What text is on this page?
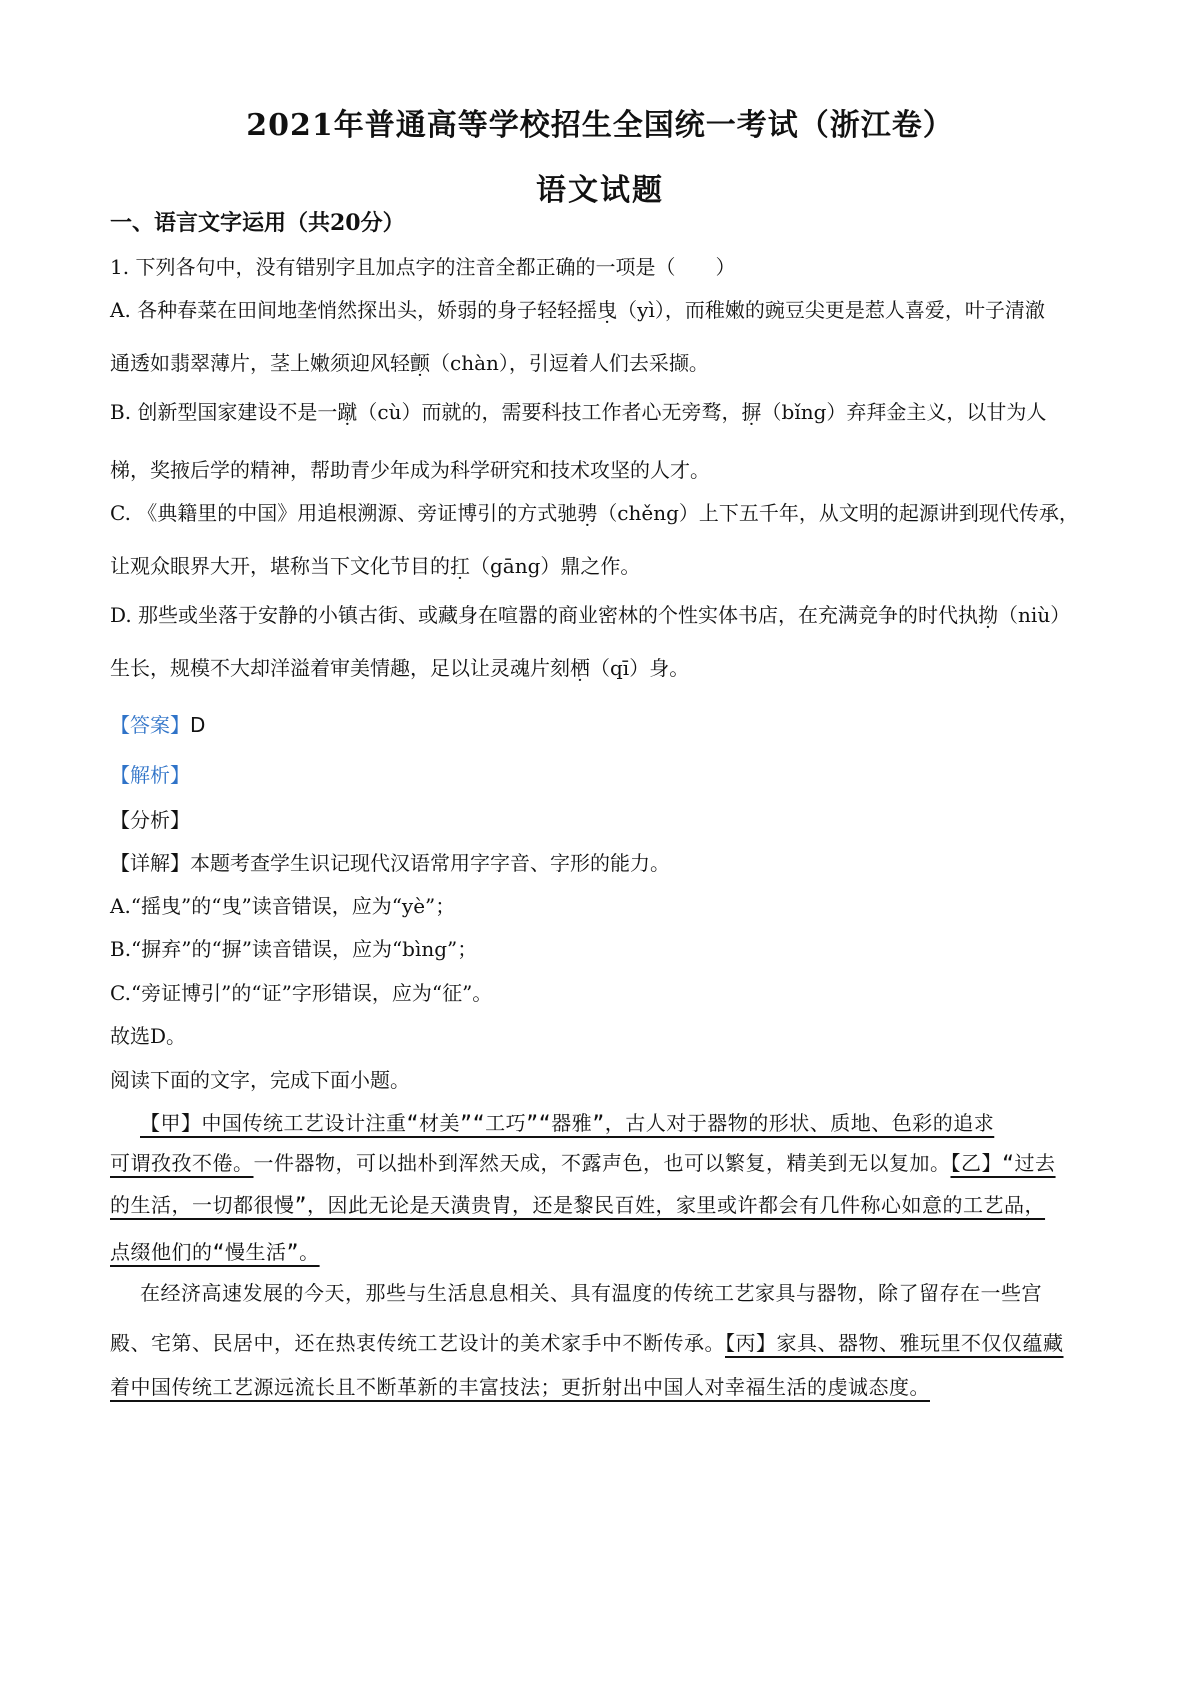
2021年普通高等学校招生全国统一考试（浙江卷）
语文试题
一、语言文字运用（共20分）
1. 下列各句中，没有错别字且加点字的注音全都正确的一项是（　　）
A. 各种春菜在田间地垄悄然探出头，娇弱的身子轻轻摇曳（yì），而稚嫩的豌豆尖更是惹人喜爱，叶子清澈
通透如翡翠薄片，茎上嫩须迎风轻颤（chàn），引逗着人们去采撷。
B. 创新型国家建设不是一蹴（cù）而就的，需要科技工作者心无旁骛，摒（bǐng）弃拜金主义，以甘为人
梯，奖掖后学的精神，帮助青少年成为科学研究和技术攻坚的人才。
C. 《典籍里的中国》用追根溯源、旁证博引的方式驰骋（chěng）上下五千年，从文明的起源讲到现代传承，
让观众眼界大开，堪称当下文化节目的扛（gāng）鼎之作。
D. 那些或坐落于安静的小镇古街、或藏身在喧嚣的商业密林的个性实体书店，在充满竞争的时代执拗（niù）
生长，规模不大却洋溢着审美情趣，足以让灵魂片刻栖（qī）身。
【答案】D
【解析】
【分析】
【详解】本题考查学生识记现代汉语常用字字音、字形的能力。
A.“摇曳”的“曳”读音错误，应为“yè”；
B.“摒弃”的“摒”读音错误，应为“bìng”；
C.“旁证博引”的“证”字形错误，应为“征”。
故选D。
阅读下面的文字，完成下面小题。
【甲】中国传统工艺设计注重“材美”“工巧”“器雅”，古人对于器物的形状、质地、色彩的追求
可谓孜孜不倦。一件器物，可以拙朴到浑然天成，不露声色，也可以繁复，精美到无以复加。【乙】“过去
的生活，一切都很慢”，因此无论是天潢贵胄，还是黎民百姓，家里或许都会有几件称心如意的工艺品，
点缀他们的“慢生活”。
在经济高速发展的今天，那些与生活息息相关、具有温度的传统工艺家具与器物，除了留存在一些宫
殿、宅第、民居中，还在热衷传统工艺设计的美术家手中不断传承。【丙】家具、器物、雅玩里不仅仅蕴藏
着中国传统工艺源远流长且不断革新的丰富技法；更折射出中国人对幸福生活的虔诚态度。
